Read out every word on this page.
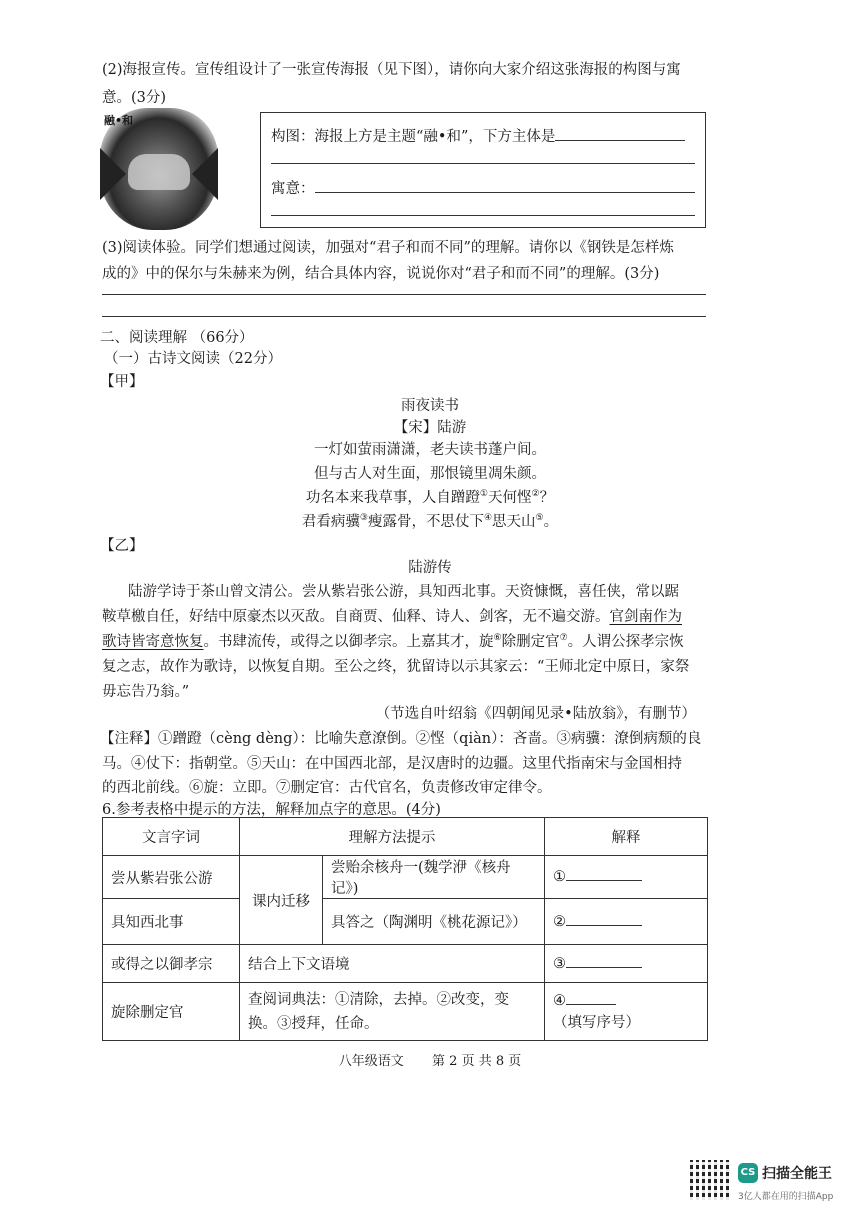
(2)海报宣传。宣传组设计了一张宣传海报（见下图），请你向大家介绍这张海报的构图与寓
意。(3分)
融•和
构图：海报上方是主题“融•和”，下方主体是
寓意：
(3)阅读体验。同学们想通过阅读，加强对“君子和而不同”的理解。请你以《钢铁是怎样炼
成的》中的保尔与朱赫来为例，结合具体内容，说说你对“君子和而不同”的理解。(3分)
二、阅读理解 （66分）
（一）古诗文阅读（22分）
【甲】
雨夜读书
【宋】陆游
一灯如萤雨潇潇，老夫读书蓬户间。
但与古人对生面，那恨镜里凋朱颜。
功名本来我草事，人自蹭蹬①天何悭②？
君看病骥③瘦露骨，不思仗下④思天山⑤。
【乙】
陆游传
陆游学诗于茶山曾文清公。尝从紫岩张公游，具知西北事。天资慷慨，喜任侠，常以踞
鞍草檄自任，好结中原豪杰以灭敌。自商贾、仙释、诗人、剑客，无不遍交游。官剑南作为
歌诗皆寄意恢复。书肆流传，或得之以御孝宗。上嘉其才，旋⑥除删定官⑦。人谓公探孝宗恢
复之志，故作为歌诗，以恢复自期。至公之终，犹留诗以示其家云：“王师北定中原日，家祭
毋忘告乃翁。”
（节选自叶绍翁《四朝闻见录•陆放翁》，有删节）
【注释】①蹭蹬（cèng dèng）：比喻失意潦倒。②悭（qiàn）：吝啬。③病骥：潦倒病颓的良
马。④仗下：指朝堂。⑤天山：在中国西北部，是汉唐时的边疆。这里代指南宋与金国相持
的西北前线。⑥旋：立即。⑦删定官：古代官名，负责修改审定律令。
6.参考表格中提示的方法，解释加点字的意思。(4分)
文言字词	理解方法提示		解释
尝从紫岩张公游	课内迁移	尝贻余核舟一(魏学洢《核舟记》)	①
具知西北事		具答之（陶渊明《桃花源记》）	②
或得之以御孝宗	结合上下文语境		③
旋除删定官	查阅词典法：①清除，去掉。②改变，变换。③授拜，任命。		④（填写序号）
八年级语文 第 2 页 共 8 页
CS 扫描全能王
3亿人都在用的扫描App
